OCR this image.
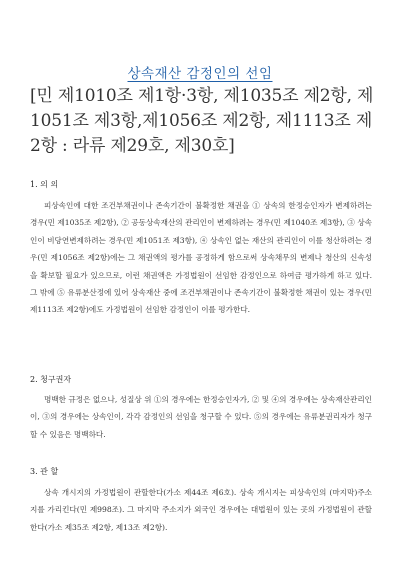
상속재산 감정인의 선임
[민 제1010조 제1항·3항, 제1035조 제2항, 제1051조 제3항,제1056조 제2항, 제1113조 제2항 : 라류 제29호, 제30호]
1. 의 의

피상속인에 대한 조건부채권이나 존속기간이 불확정한 채권을 ① 상속의 한정승인자가 변제하려는 경우(민 제1035조 제2항), ② 공동상속재산의 관리인이 변제하려는 경우(민 제1040조 제3항), ③ 상속인이 비당연변제하려는 경우(민 제1051조 제3항), ④ 상속인 없는 재산의 관리인이 이를 청산하려는 경우(민 제1056조 제2항)에는 그 채권액의 평가를 공정하게 함으로써 상속채무의 변제나 청산의 신속성을 확보할 필요가 있으므로, 이런 채권액은 가정법원이 선임한 감정인으로 하여금 평가하게 하고 있다. 그 밖에 ⑤ 유류분산정에 있어 상속재산 중에 조건부채권이나 존속기간이 불확정한 채권이 있는 경우(민 제1113조 제2항)에도 가정법원이 선임한 감정인이 이를 평가한다.

2. 청구권자

명백한 규정은 없으나, 성질상 위 ①의 경우에는 한정승인자가, ② 및 ④의 경우에는 상속재산관리인이, ③의 경우에는 상속인이, 각각 감정인의 선임을 청구할 수 있다. ⑤의 경우에는 유류분권리자가 청구할 수 있음은 명백하다.

3. 관 할

상속 개시지의 가정법원이 관할한다(가소 제44조 제6호). 상속 개시지는 피상속인의 (마지막)주소지를 가리킨다(민 제998조). 그 마지막 주소지가 외국인 경우에는 대법원이 있는 곳의 가정법원이 관할한다(가소 제35조 제2항, 제13조 제2항).
